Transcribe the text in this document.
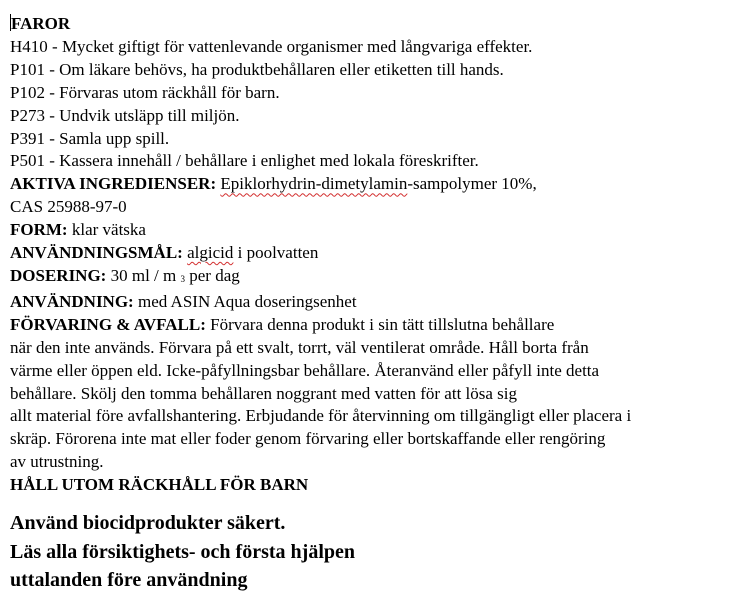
FAROR

H410 - Mycket giftigt för vattenlevande organismer med långvariga effekter.

P101 - Om läkare behövs, ha produktbehållaren eller etiketten till hands.

P102 - Förvaras utom räckhåll för barn.

P273 - Undvik utsläpp till miljön.

P391 - Samla upp spill.

P501 - Kassera innehåll / behållare i enlighet med lokala föreskrifter.

AKTIVA INGREDIENSER: Epiklorhydrin-dimetylamin-sampolymer 10%,

CAS 25988-97-0

FORM: klar vätska

ANVÄNDNINGSMÅL: algicid i poolvatten

DOSERING: 30 ml / m 3 per dag

ANVÄNDNING: med ASIN Aqua doseringsenhet

FÖRVARING & AVFALL: Förvara denna produkt i sin tätt tillslutna behållare

när den inte används. Förvara på ett svalt, torrt, väl ventilerat område. Håll borta från

värme eller öppen eld. Icke-påfyllningsbar behållare. Återanvänd eller påfyll inte detta

behållare. Skölj den tomma behållaren noggrant med vatten för att lösa sig

allt material före avfallshantering. Erbjudande för återvinning om tillgängligt eller placera i

skräp. Förorena inte mat eller foder genom förvaring eller bortskaffande eller rengöring

av utrustning.

HÅLL UTOM RÄCKHÅLL FÖR BARN

Använd biocidprodukter säkert.

Läs alla försiktighets- och första hjälpen

uttalanden före användning
